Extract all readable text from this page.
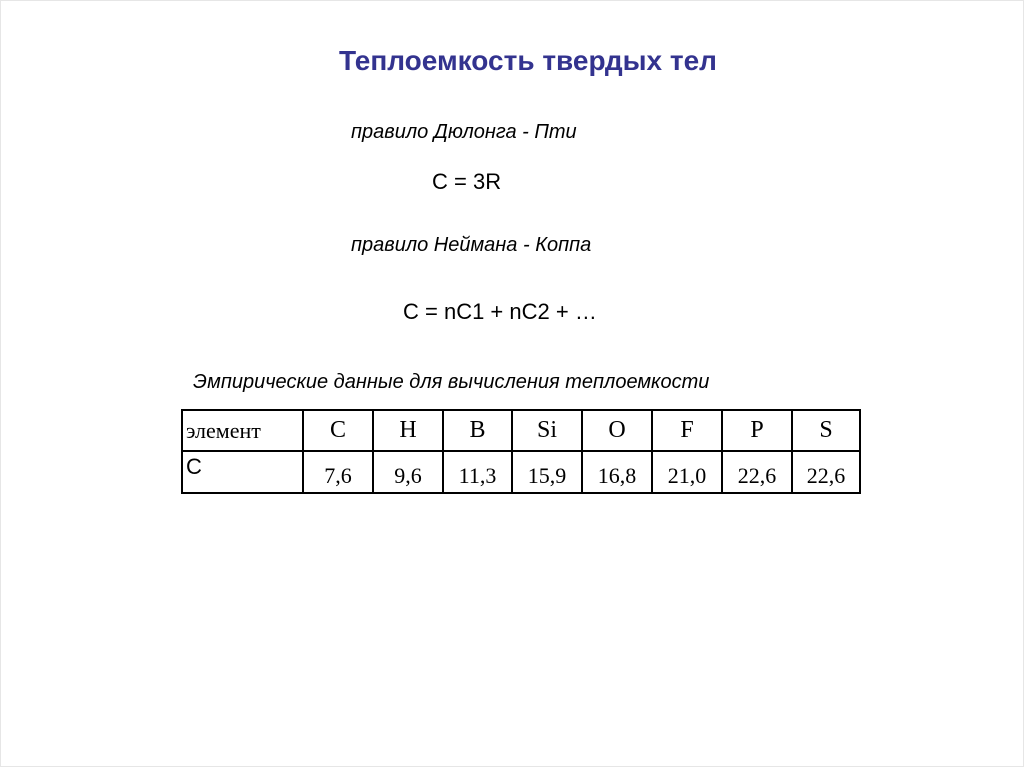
Теплоемкость твердых тел
правило Дюлонга - Пти
C = 3R
правило Неймана - Коппа
C = nC1 + nC2 + …
Эмпирические данные для вычисления теплоемкости
элемент	C	H	B	Si	O	F	P	S
C	7,6	9,6	11,3	15,9	16,8	21,0	22,6	22,6
